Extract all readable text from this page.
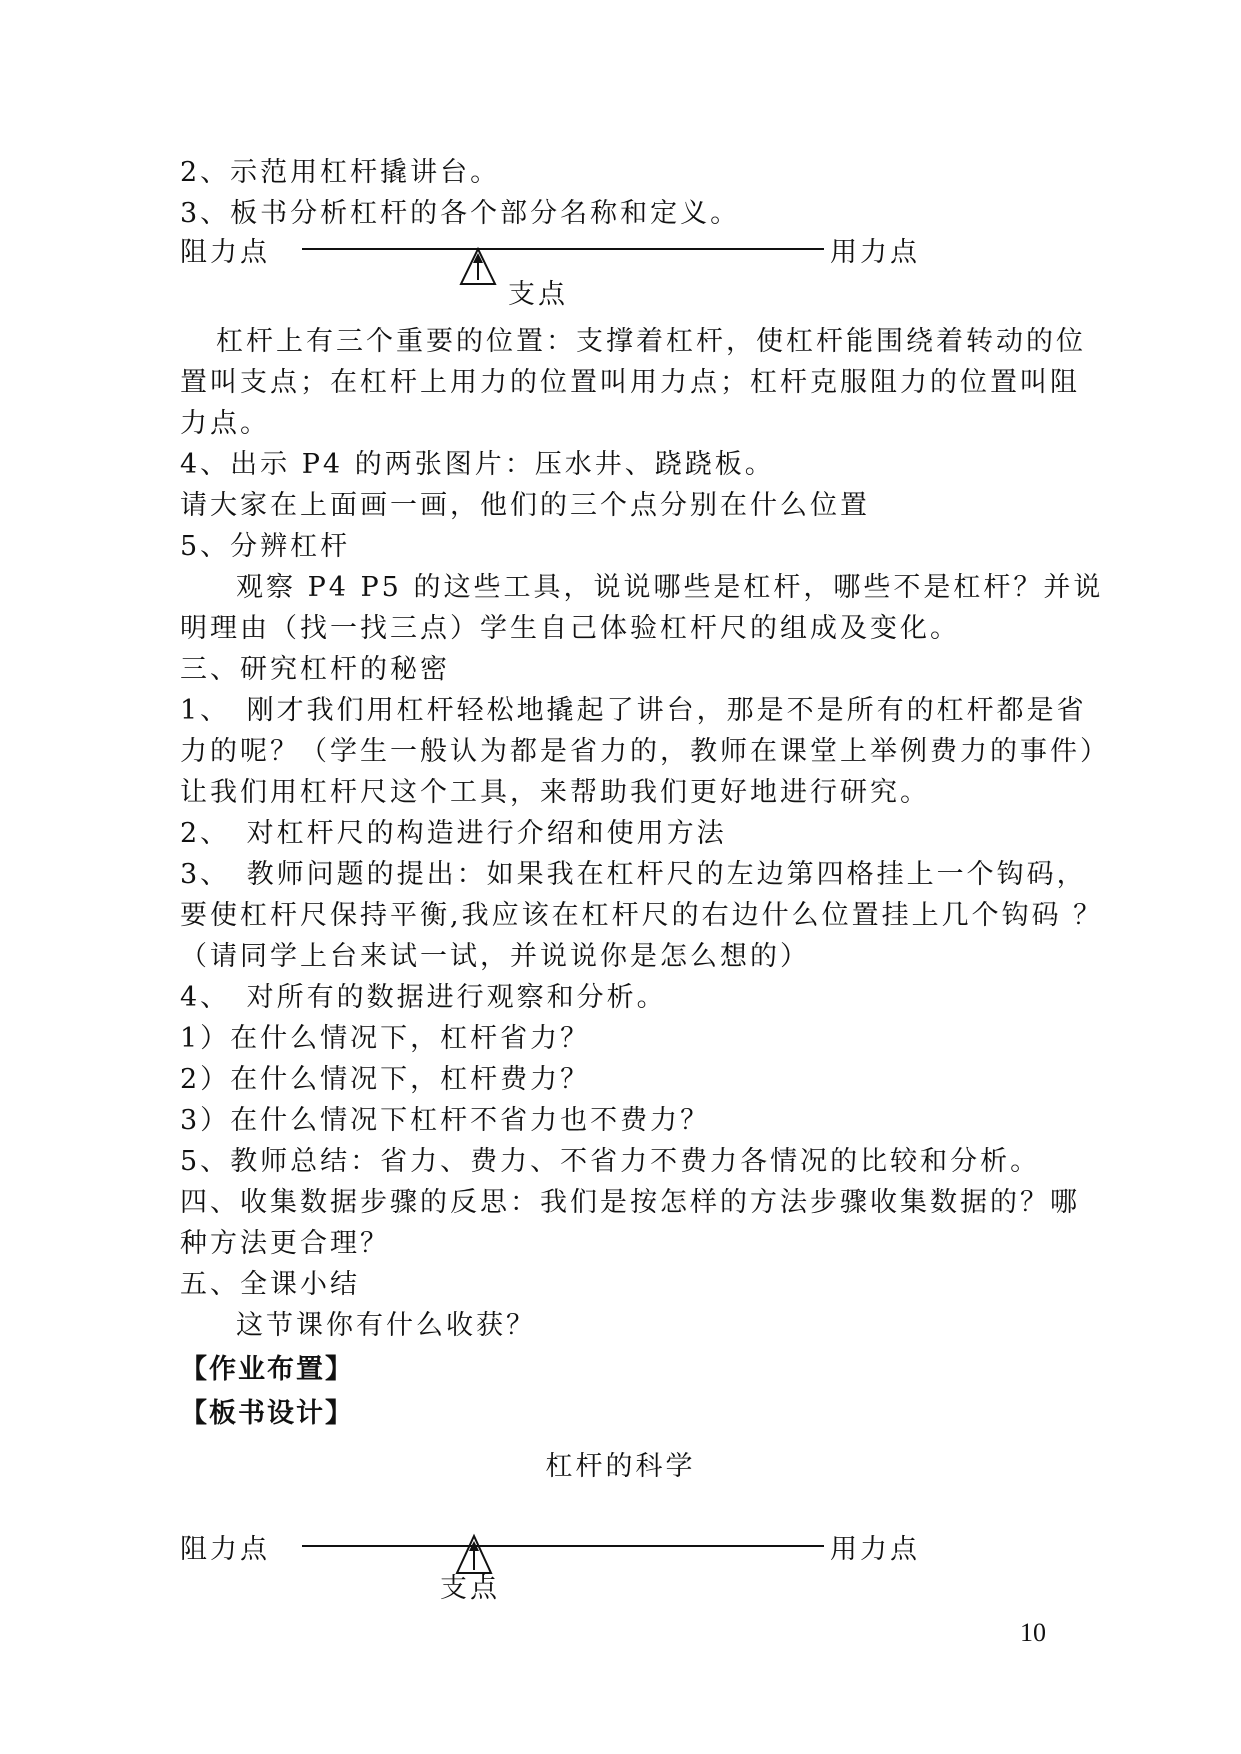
2、示范用杠杆撬讲台。
3、板书分析杠杆的各个部分名称和定义。
阻力点	用力点
支点
杠杆上有三个重要的位置：支撑着杠杆，使杠杆能围绕着转动的位
置叫支点；在杠杆上用力的位置叫用力点；杠杆克服阻力的位置叫阻
力点。
4、出示 P4 的两张图片：压水井、跷跷板。
请大家在上面画一画，他们的三个点分别在什么位置
5、分辨杠杆
观察 P4 P5 的这些工具，说说哪些是杠杆，哪些不是杠杆？并说
明理由（找一找三点）学生自己体验杠杆尺的组成及变化。
三、研究杠杆的秘密
1、　刚才我们用杠杆轻松地撬起了讲台，那是不是所有的杠杆都是省
力的呢？（学生一般认为都是省力的，教师在课堂上举例费力的事件）
让我们用杠杆尺这个工具，来帮助我们更好地进行研究。
2、　对杠杆尺的构造进行介绍和使用方法
3、　教师问题的提出：如果我在杠杆尺的左边第四格挂上一个钩码，
要使杠杆尺保持平衡,我应该在杠杆尺的右边什么位置挂上几个钩码 ？
（请同学上台来试一试，并说说你是怎么想的）
4、　对所有的数据进行观察和分析。
1）在什么情况下，杠杆省力？
2）在什么情况下，杠杆费力？
3）在什么情况下杠杆不省力也不费力？
5、教师总结：省力、费力、不省力不费力各情况的比较和分析。
四、收集数据步骤的反思：我们是按怎样的方法步骤收集数据的？哪
种方法更合理？
五、全课小结
这节课你有什么收获？
【作业布置】
【板书设计】
杠杆的科学
阻力点	用力点
支点
10
